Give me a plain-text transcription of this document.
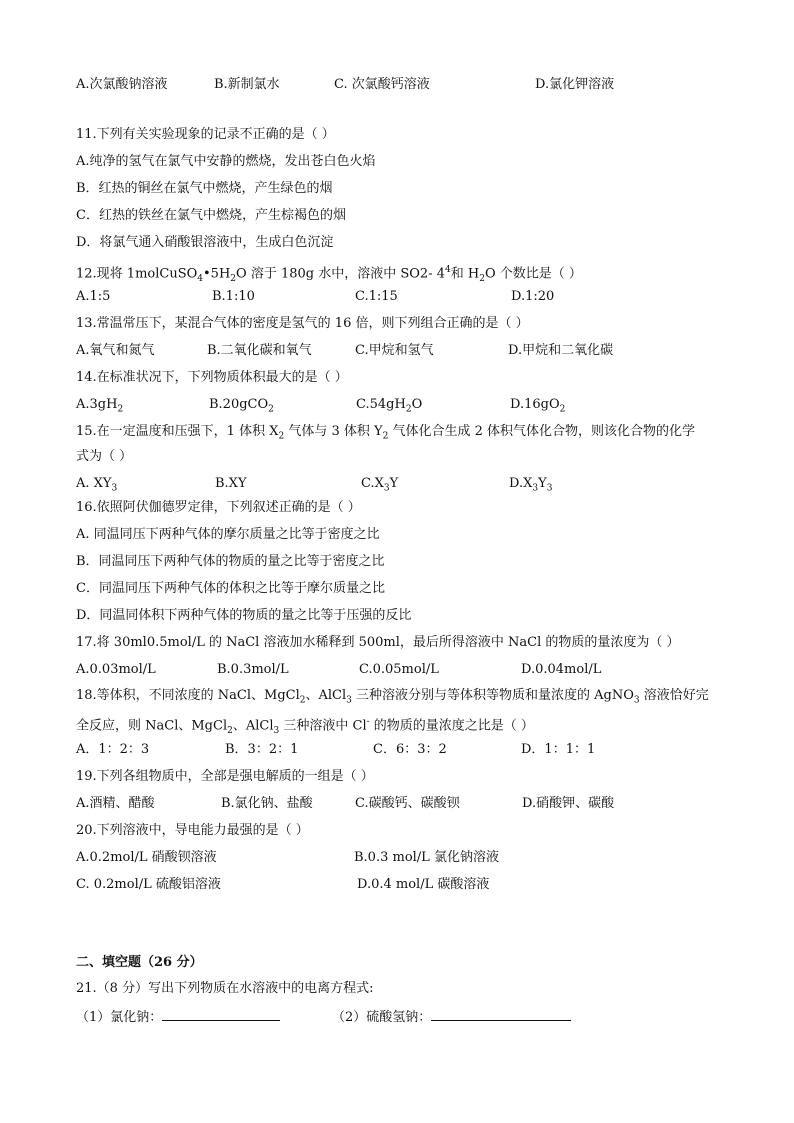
A.次氯酸钠溶液	B.新制氯水	C. 次氯酸钙溶液	D.氯化钾溶液
11.下列有关实验现象的记录不正确的是（ ）
A.纯净的氢气在氯气中安静的燃烧，发出苍白色火焰
B．红热的铜丝在氯气中燃烧，产生绿色的烟
C．红热的铁丝在氯气中燃烧，产生棕褐色的烟
D．将氯气通入硝酸银溶液中，生成白色沉淀
12.现将 $1molCuSO_4•5H_2O$ 溶于 180g 水中，溶液中 SO2- $4^4$和 $H_2O$ 个数比是（ ）
A.1:5	B.1:10	C.1:15	D.1:20
13.常温常压下，某混合气体的密度是氢气的 16 倍，则下列组合正确的是（ ）
A.氧气和氮气	B.二氧化碳和氧气	C.甲烷和氢气	D.甲烷和二氧化碳
14.在标准状况下，下列物质体积最大的是（ ）
$A.3gH_2$	B.20gCO$_2$	$C.54gH_2O$	$D.16gO_2$
15.在一定温度和压强下，1 体积 $X_2$ 气体与 3 体积 $Y_2$ 气体化合生成 2 体积气体化合物，则该化合物的化学
式为（ ）
A. $XY_3$	B.XY	$C.X_3Y$	$D.X_3Y_3$
16.依照阿伏伽德罗定律，下列叙述正确的是（ ）
A. 同温同压下两种气体的摩尔质量之比等于密度之比
B．同温同压下两种气体的物质的量之比等于密度之比
C．同温同压下两种气体的体积之比等于摩尔质量之比
D．同温同体积下两种气体的物质的量之比等于压强的反比
17.将 30ml0.5mol/L 的 NaCl 溶液加水稀释到 500ml，最后所得溶液中 NaCl 的物质的量浓度为（ ）
A.0.03mol/L	B.0.3mol/L	C.0.05mol/L	D.0.04mol/L
18.等体积，不同浓度的 NaCl、MgCl$_2$、AlCl$_3$ 三种溶液分别与等体积等物质和量浓度的 AgNO$_3$ 溶液恰好完
全反应，则 NaCl、MgCl$_2$、AlCl$_3$ 三种溶液中 Cl- 的物质的量浓度之比是（ ）
A．1：2：3	B．3：2：1	C．6：3：2	D．1：1：1
19.下列各组物质中，全部是强电解质的一组是（ ）
A.酒精、醋酸	B.氯化钠、盐酸	C.碳酸钙、碳酸钡	D.硝酸钾、碳酸
20.下列溶液中，导电能力最强的是（ ）
A.0.2mol/L 硝酸钡溶液	B.0.3 mol/L 氯化钠溶液
C. 0.2mol/L 硫酸铝溶液	D.0.4 mol/L 碳酸溶液
二、填空题（26 分）
21.（8 分）写出下列物质在水溶液中的电离方程式:
（1）氯化钠：	（2）硫酸氢钠：
